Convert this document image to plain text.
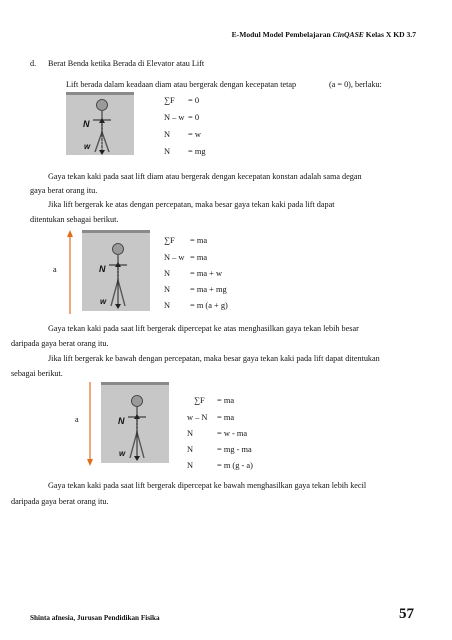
E-Modul Model Pembelajaran CinQASE Kelas X KD 3.7
d. Berat Benda ketika Berada di Elevator atau Lift
Lift berada dalam keadaan diam atau bergerak dengan kecepatan tetap	(a = 0), berlaku:
N
w
∑F = 0
N – w = 0
N = w
N = mg
Gaya tekan kaki pada saat lift diam atau bergerak dengan kecepatan konstan adalah sama degan
gaya berat orang itu.
Jika lift bergerak ke atas dengan percepatan, maka besar gaya tekan kaki pada lift dapat
ditentukan sebagai berikut.
a	N
w
∑F = ma
N – w = ma
N = ma + w
N = ma + mg
N = m (a + g)
Gaya tekan kaki pada saat lift bergerak dipercepat ke atas menghasilkan gaya tekan lebih besar
daripada gaya berat orang itu.
Jika lift bergerak ke bawah dengan percepatan, maka besar gaya tekan kaki pada lift dapat ditentukan
sebagai berikut.
a	N
w
∑F = ma
w – N = ma
N	= w - ma
N	= mg - ma
N	= m (g - a)
Gaya tekan kaki pada saat lift bergerak dipercepat ke bawah menghasilkan gaya tekan lebih kecil
daripada gaya berat orang itu.
Shinta afnesia, Jurusan Pendidikan Fisika	57
